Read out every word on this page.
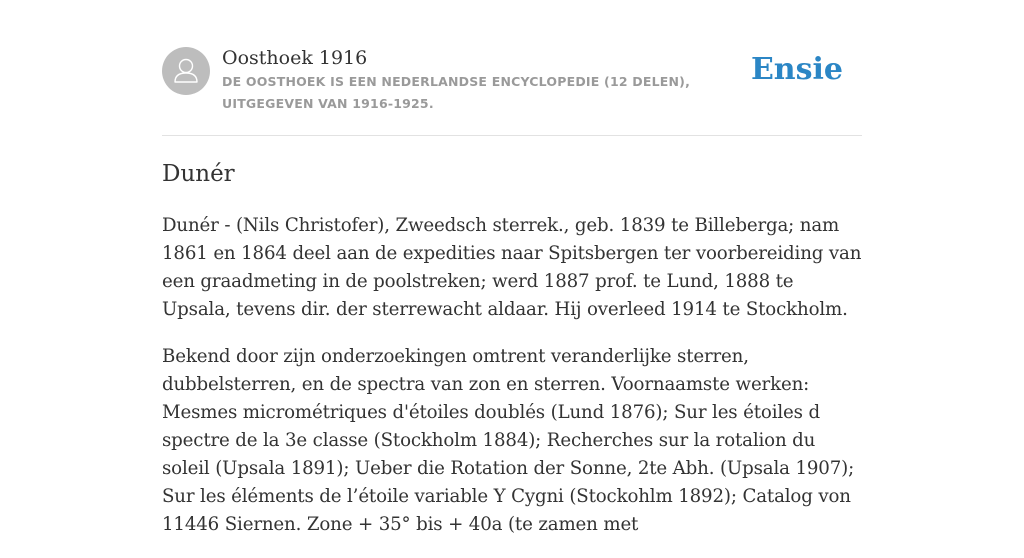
Oosthoek 1916

DE OOSTHOEK IS EEN NEDERLANDSE ENCYCLOPEDIE (12 DELEN), UITGEGEVEN VAN 1916-1925.

Ensie
Dunér

Dunér - (Nils Christofer), Zweedsch sterrek., geb. 1839 te Billeberga; nam 1861 en 1864 deel aan de expedities naar Spitsbergen ter voorbereiding van een graadmeting in de poolstreken; werd 1887 prof. te Lund, 1888 te Upsala, tevens dir. der sterrewacht aldaar. Hij overleed 1914 te Stockholm.

Bekend door zijn onderzoekingen omtrent veranderlijke sterren, dubbelsterren, en de spectra van zon en sterren. Voornaamste werken: Mesmes micrométriques d'étoiles doublés (Lund 1876); Sur les étoiles d spectre de la 3e classe (Stockholm 1884); Recherches sur la rotalion du soleil (Upsala 1891); Ueber die Rotation der Sonne, 2te Abh. (Upsala 1907); Sur les éléments de l’étoile variable Y Cygni (Stockohlm 1892); Catalog von 11446 Siernen. Zone + 35° bis + 40a (te zamen met
